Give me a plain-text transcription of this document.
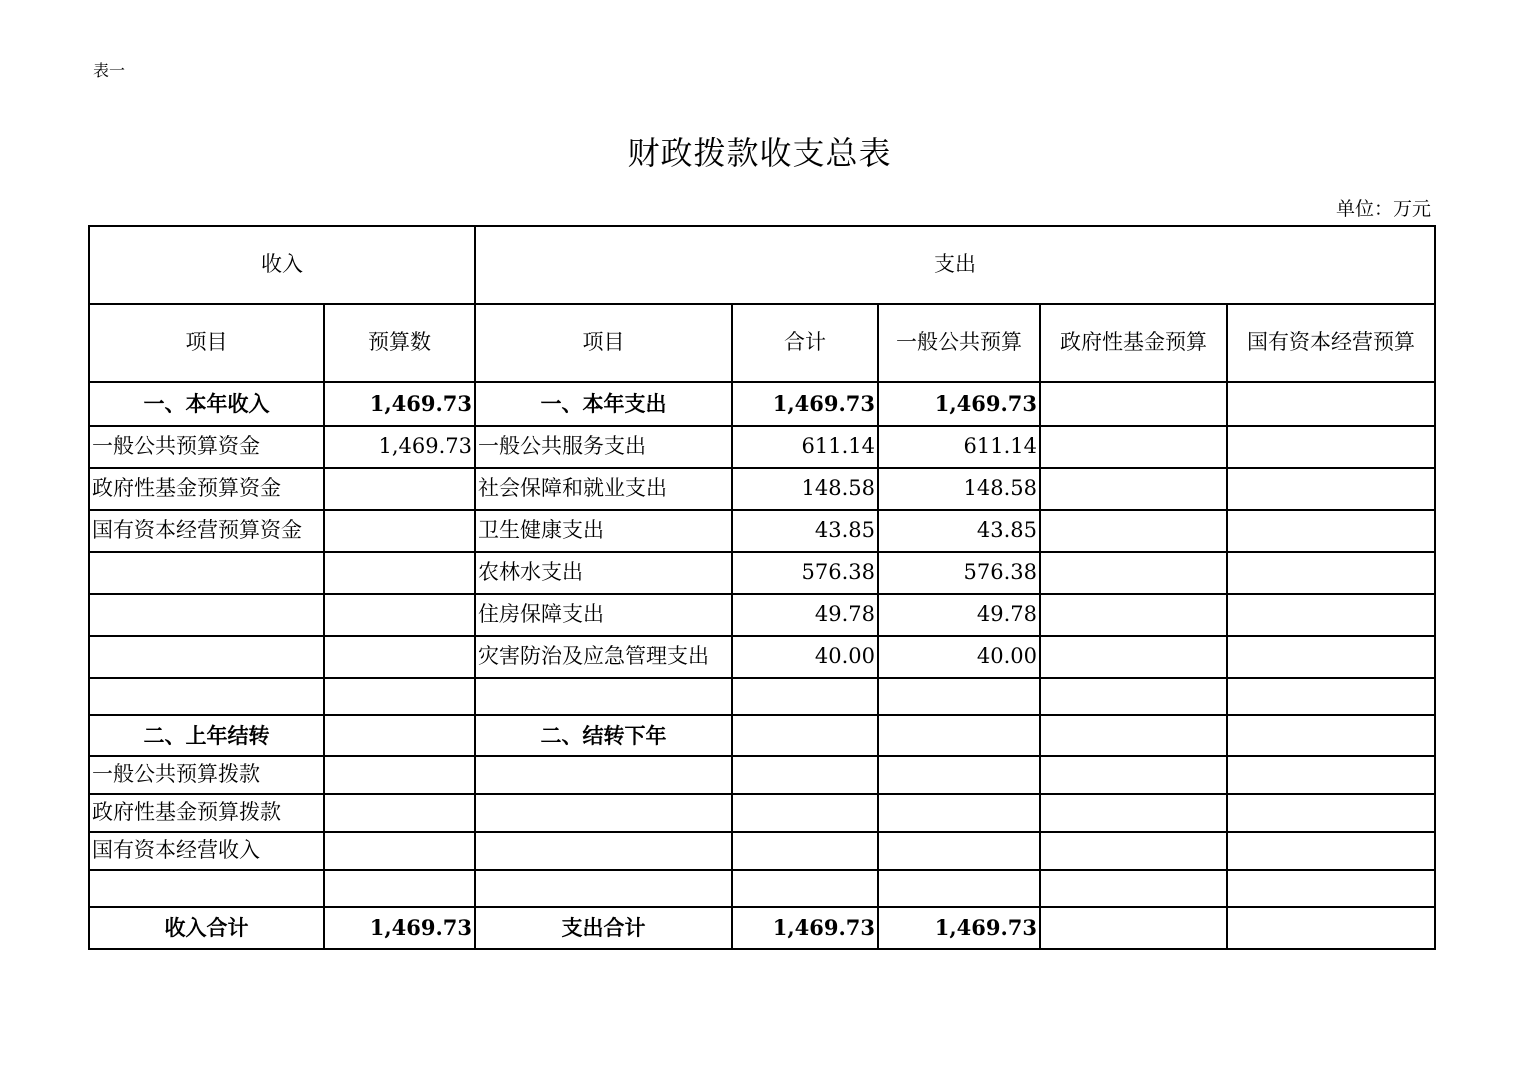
表一
财政拨款收支总表
单位：万元
收入		支出				
项目	预算数	项目	合计	一般公共预算	政府性基金预算	国有资本经营预算
一、本年收入	1,469.73	一、本年支出	1,469.73	1,469.73		
一般公共预算资金	1,469.73	一般公共服务支出	611.14	611.14		
政府性基金预算资金		社会保障和就业支出	148.58	148.58		
国有资本经营预算资金		卫生健康支出	43.85	43.85		
		农林水支出	576.38	576.38		
		住房保障支出	49.78	49.78		
		灾害防治及应急管理支出	40.00	40.00		

二、上年结转		二、结转下年				
一般公共预算拨款						
政府性基金预算拨款						
国有资本经营收入						

收入合计	1,469.73	支出合计	1,469.73	1,469.73		
